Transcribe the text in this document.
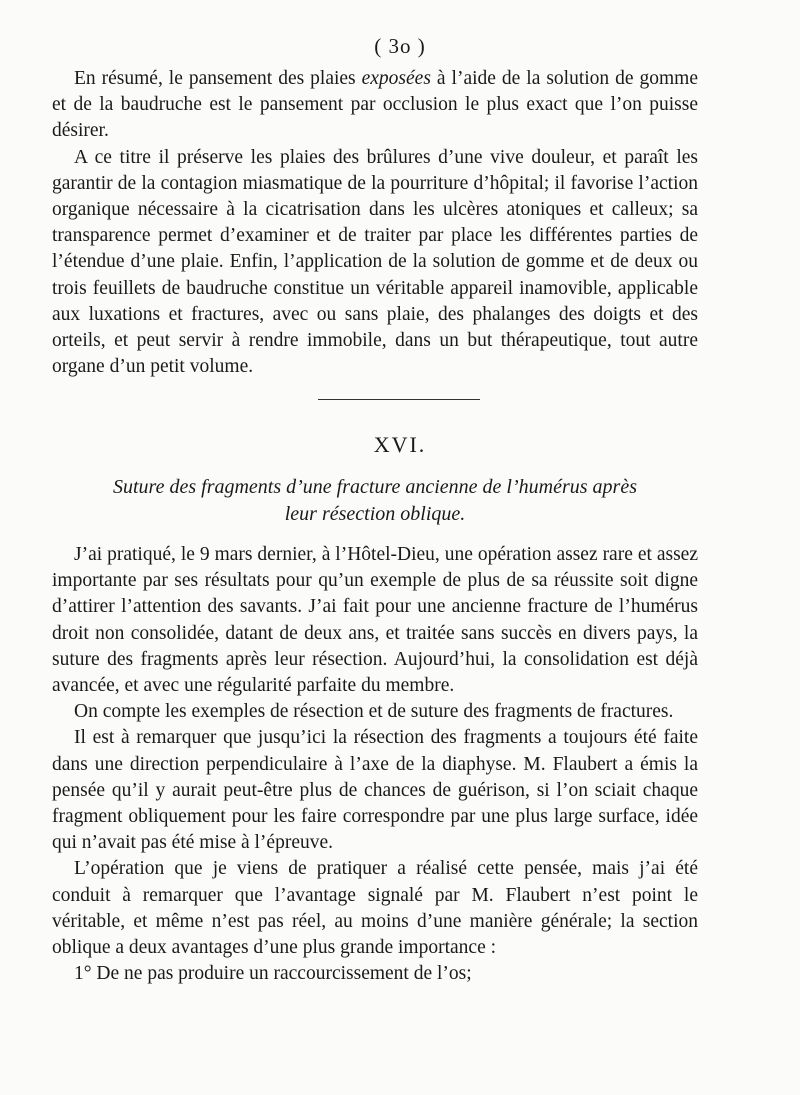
( 3o )

En résumé, le pansement des plaies exposées à l’aide de la solution de gomme et de la baudruche est le pansement par occlusion le plus exact que l’on puisse désirer.

A ce titre il préserve les plaies des brûlures d’une vive douleur, et paraît les garantir de la contagion miasmatique de la pourriture d’hôpital; il favorise l’action organique nécessaire à la cicatrisation dans les ulcères atoniques et calleux; sa transparence permet d’examiner et de traiter par place les différentes parties de l’étendue d’une plaie. Enfin, l’application de la solution de gomme et de deux ou trois feuillets de baudruche constitue un véritable appareil inamovible, applicable aux luxations et fractures, avec ou sans plaie, des phalanges des doigts et des orteils, et peut servir à rendre immobile, dans un but thérapeutique, tout autre organe d’un petit volume.

XVI.
Suture des fragments d’une fracture ancienne de l’humérus après
leur résection oblique.

J’ai pratiqué, le 9 mars dernier, à l’Hôtel-Dieu, une opération assez rare et assez importante par ses résultats pour qu’un exemple de plus de sa réussite soit digne d’attirer l’attention des savants. J’ai fait pour une ancienne fracture de l’humérus droit non consolidée, datant de deux ans, et traitée sans succès en divers pays, la suture des fragments après leur résection. Aujourd’hui, la consolidation est déjà avancée, et avec une régularité parfaite du membre.

On compte les exemples de résection et de suture des fragments de fractures.

Il est à remarquer que jusqu’ici la résection des fragments a toujours été faite dans une direction perpendiculaire à l’axe de la diaphyse. M. Flaubert a émis la pensée qu’il y aurait peut-être plus de chances de guérison, si l’on sciait chaque fragment obliquement pour les faire correspondre par une plus large surface, idée qui n’avait pas été mise à l’épreuve.

L’opération que je viens de pratiquer a réalisé cette pensée, mais j’ai été conduit à remarquer que l’avantage signalé par M. Flaubert n’est point le véritable, et même n’est pas réel, au moins d’une manière générale; la section oblique a deux avantages d’une plus grande importance :

1° De ne pas produire un raccourcissement de l’os;
